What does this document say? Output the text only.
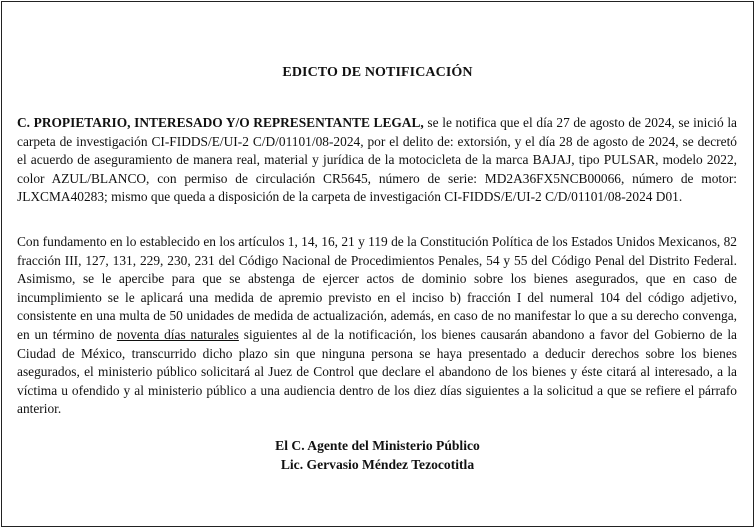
EDICTO DE NOTIFICACIÓN

C. PROPIETARIO, INTERESADO Y/O REPRESENTANTE LEGAL, se le notifica que el día 27 de agosto de 2024, se inició la carpeta de investigación CI-FIDDS/E/UI-2 C/D/01101/08-2024, por el delito de: extorsión, y el día 28 de agosto de 2024, se decretó el acuerdo de aseguramiento de manera real, material y jurídica de la motocicleta de la marca BAJAJ, tipo PULSAR, modelo 2022, color AZUL/BLANCO, con permiso de circulación CR5645, número de serie: MD2A36FX5NCB00066, número de motor: JLXCMA40283; mismo que queda a disposición de la carpeta de investigación CI-FIDDS/E/UI-2 C/D/01101/08-2024 D01.

Con fundamento en lo establecido en los artículos 1, 14, 16, 21 y 119 de la Constitución Política de los Estados Unidos Mexicanos, 82 fracción III, 127, 131, 229, 230, 231 del Código Nacional de Procedimientos Penales, 54 y 55 del Código Penal del Distrito Federal. Asimismo, se le apercibe para que se abstenga de ejercer actos de dominio sobre los bienes asegurados, que en caso de incumplimiento se le aplicará una medida de apremio previsto en el inciso b) fracción I del numeral 104 del código adjetivo, consistente en una multa de 50 unidades de medida de actualización, además, en caso de no manifestar lo que a su derecho convenga, en un término de noventa días naturales siguientes al de la notificación, los bienes causarán abandono a favor del Gobierno de la Ciudad de México, transcurrido dicho plazo sin que ninguna persona se haya presentado a deducir derechos sobre los bienes asegurados, el ministerio público solicitará al Juez de Control que declare el abandono de los bienes y éste citará al interesado, a la víctima u ofendido y al ministerio público a una audiencia dentro de los diez días siguientes a la solicitud a que se refiere el párrafo anterior.

El C. Agente del Ministerio Público
Lic. Gervasio Méndez Tezocotitla
